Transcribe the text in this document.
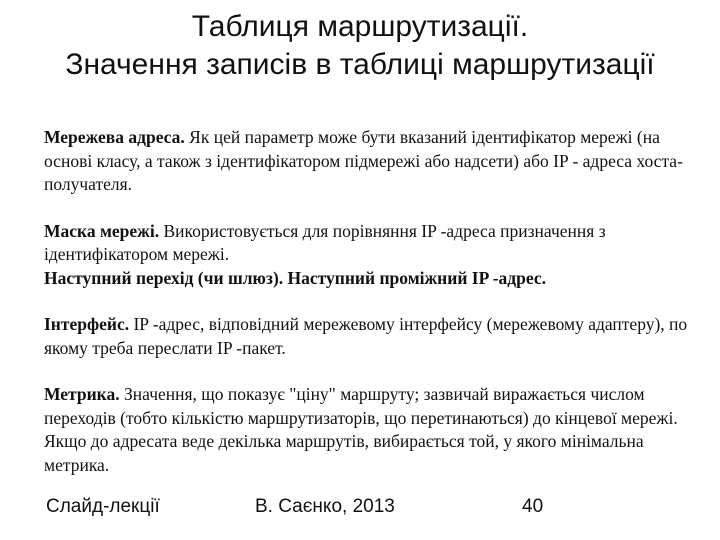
Таблиця маршрутизації.
Значення записів в таблиці маршрутизації

Мережева адреса. Як цей параметр може бути вказаний ідентифікатор мережі (на основі класу, а також з ідентифікатором підмережі або надсети) або IP - адреса хоста-получателя.

Маска мережі. Використовується для порівняння IP -адреса призначення з ідентифікатором мережі.

Наступний перехід (чи шлюз). Наступний проміжний IP -адрес.

Інтерфейс. IP -адрес, відповідний мережевому інтерфейсу (мережевому адаптеру), по якому треба переслати IP -пакет.

Метрика. Значення, що показує "ціну" маршруту; зазвичай виражається числом переходів (тобто кількістю маршрутизаторів, що перетинаються) до кінцевої мережі. Якщо до адресата веде декілька маршрутів, вибирається той, у якого мінімальна метрика.

Слайд-лекції	В. Саєнко, 2013	40
